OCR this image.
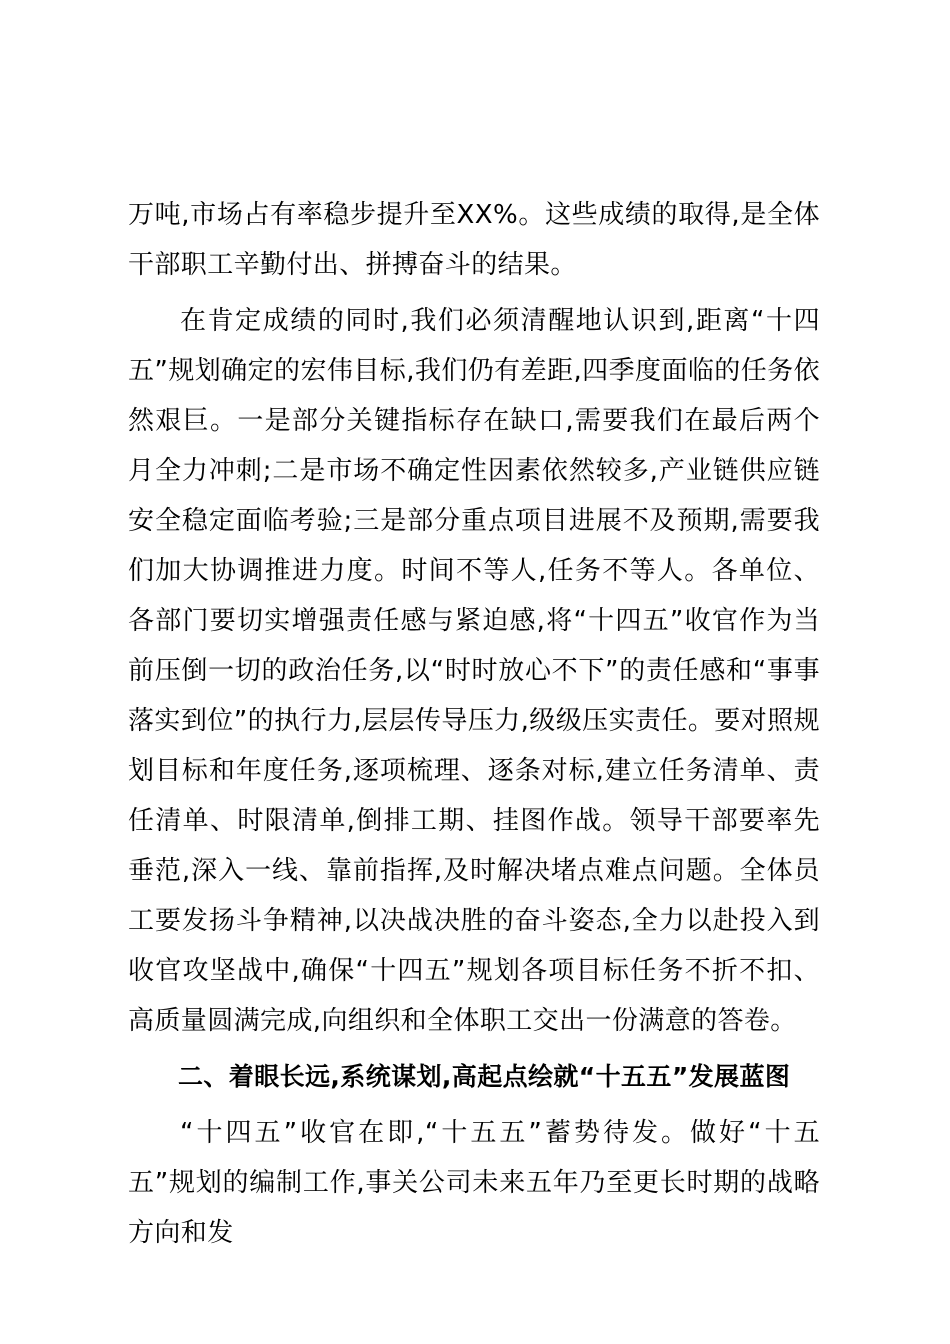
万吨,市场占有率稳步提升至XX%。这些成绩的取得,是全体干部职工辛勤付出、拼搏奋斗的结果。

在肯定成绩的同时,我们必须清醒地认识到,距离“十四五”规划确定的宏伟目标,我们仍有差距,四季度面临的任务依然艰巨。一是部分关键指标存在缺口,需要我们在最后两个月全力冲刺;二是市场不确定性因素依然较多,产业链供应链安全稳定面临考验;三是部分重点项目进展不及预期,需要我们加大协调推进力度。时间不等人,任务不等人。各单位、各部门要切实增强责任感与紧迫感,将“十四五”收官作为当前压倒一切的政治任务,以“时时放心不下”的责任感和“事事落实到位”的执行力,层层传导压力,级级压实责任。要对照规划目标和年度任务,逐项梳理、逐条对标,建立任务清单、责任清单、时限清单,倒排工期、挂图作战。领导干部要率先垂范,深入一线、靠前指挥,及时解决堵点难点问题。全体员工要发扬斗争精神,以决战决胜的奋斗姿态,全力以赴投入到收官攻坚战中,确保“十四五”规划各项目标任务不折不扣、高质量圆满完成,向组织和全体职工交出一份满意的答卷。

二、着眼长远,系统谋划,高起点绘就“十五五”发展蓝图

“十四五”收官在即,“十五五”蓄势待发。做好“十五五”规划的编制工作,事关公司未来五年乃至更长时期的战略方向和发
